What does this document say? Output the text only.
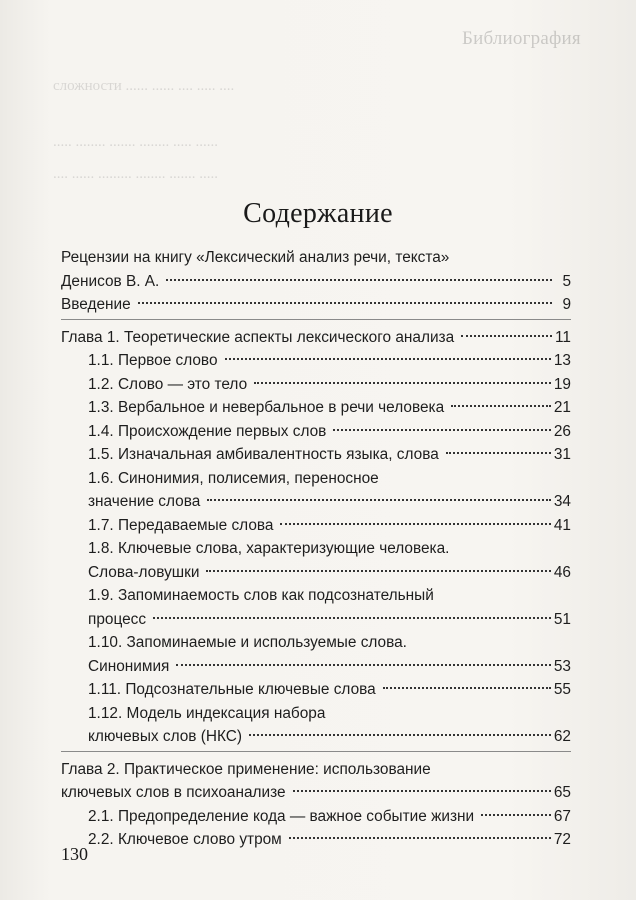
сложности ...... ...... .... ..... ....
..... ........ ....... ........ ..... ......
.... ...... ......... ........ ....... .....
Библиография
Содержание
Рецензии на книгу «Лексический анализ речи, текста»
Денисов В. А.	5
Введение	9
Глава 1. Теоретические аспекты лексического анализа	11
1.1. Первое слово	13
1.2. Слово — это тело	19
1.3. Вербальное и невербальное в речи человека	21
1.4. Происхождение первых слов	26
1.5. Изначальная амбивалентность языка, слова	31
1.6. Синонимия, полисемия, переносное
значение слова	34
1.7. Передаваемые слова	41
1.8. Ключевые слова, характеризующие человека.
Слова-ловушки	46
1.9. Запоминаемость слов как подсознательный
процесс	51
1.10. Запоминаемые и используемые слова.
Синонимия	53
1.11. Подсознательные ключевые слова	55
1.12. Модель индексация набора
ключевых слов (НКС)	62
Глава 2. Практическое применение: использование
ключевых слов в психоанализе	65
2.1. Предопределение кода — важное событие жизни	67
2.2. Ключевое слово утром	72
130
